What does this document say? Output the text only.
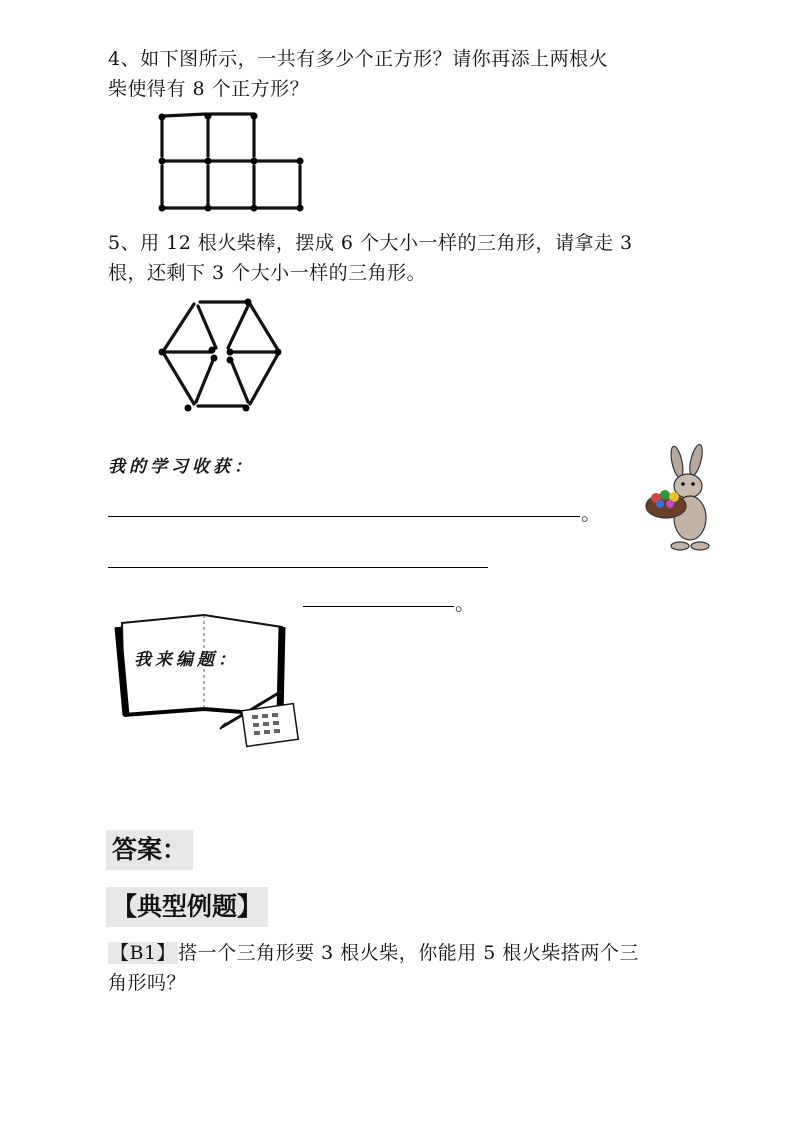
4、如下图所示，一共有多少个正方形？请你再添上两根火
柴使得有 8 个正方形？
5、用 12 根火柴棒，摆成 6 个大小一样的三角形，请拿走 3
根，还剩下 3 个大小一样的三角形。
我的学习收获：
。
。
我来编题：
答案：
【典型例题】
【B1】 搭一个三角形要 3 根火柴，你能用 5 根火柴搭两个三
角形吗？
